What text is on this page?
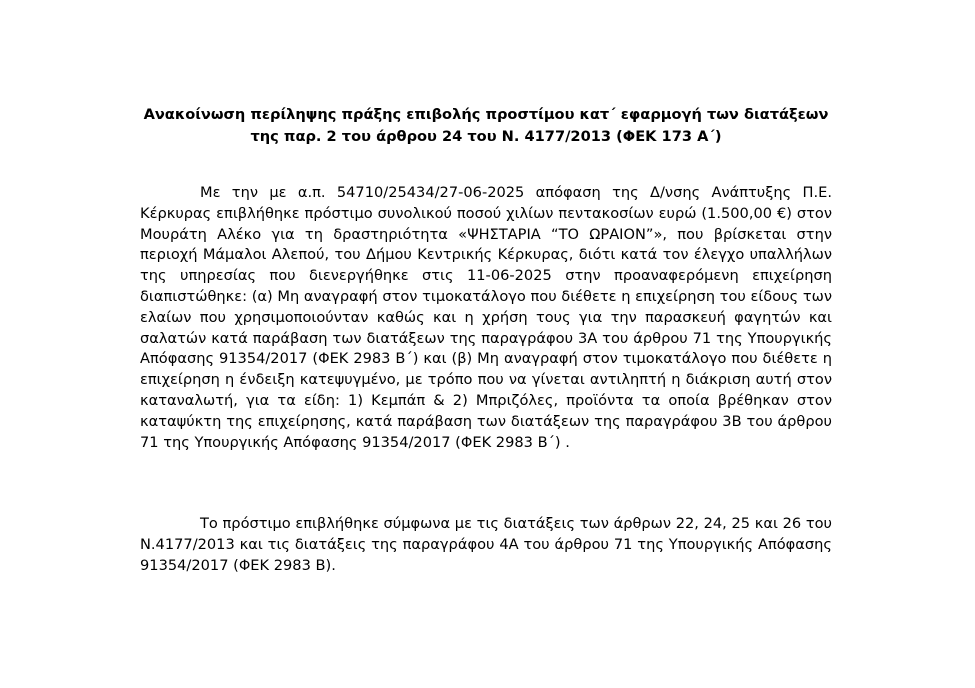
Ανακοίνωση περίληψης πράξης επιβολής προστίμου κατ΄ εφαρμογή των διατάξεων της παρ. 2 του άρθρου 24 του Ν. 4177/2013 (ΦΕΚ 173 Α΄)

Με την με α.π. 54710/25434/27-06-2025 απόφαση της Δ/νσης Ανάπτυξης Π.Ε. Κέρκυρας επιβλήθηκε πρόστιμο συνολικού ποσού χιλίων πεντακοσίων ευρώ (1.500,00 €) στον Μουράτη Αλέκο για τη δραστηριότητα «ΨΗΣΤΑΡΙΑ “ΤΟ ΩΡΑΙΟΝ”», που βρίσκεται στην περιοχή Μάμαλοι Αλεπού, του Δήμου Κεντρικής Κέρκυρας, διότι κατά τον έλεγχο υπαλλήλων της υπηρεσίας που διενεργήθηκε στις 11-06-2025 στην προαναφερόμενη επιχείρηση διαπιστώθηκε: (α) Μη αναγραφή στον τιμοκατάλογο που διέθετε η επιχείρηση του είδους των ελαίων που χρησιμοποιούνταν καθώς και η χρήση τους για την παρασκευή φαγητών και σαλατών κατά παράβαση των διατάξεων της παραγράφου 3Α του άρθρου 71 της Υπουργικής Απόφασης 91354/2017 (ΦΕΚ 2983 Β΄) και (β) Μη αναγραφή στον τιμοκατάλογο που διέθετε η επιχείρηση η ένδειξη κατεψυγμένο, με τρόπο που να γίνεται αντιληπτή η διάκριση αυτή στον καταναλωτή, για τα είδη: 1) Κεμπάπ & 2) Μπριζόλες, προϊόντα τα οποία βρέθηκαν στον καταψύκτη της επιχείρησης, κατά παράβαση των διατάξεων της παραγράφου 3Β του άρθρου 71 της Υπουργικής Απόφασης 91354/2017 (ΦΕΚ 2983 Β΄) .

Το πρόστιμο επιβλήθηκε σύμφωνα με τις διατάξεις των άρθρων 22, 24, 25 και 26 του Ν.4177/2013 και τις διατάξεις της παραγράφου 4Α του άρθρου 71 της Υπουργικής Απόφασης 91354/2017 (ΦΕΚ 2983 Β).
